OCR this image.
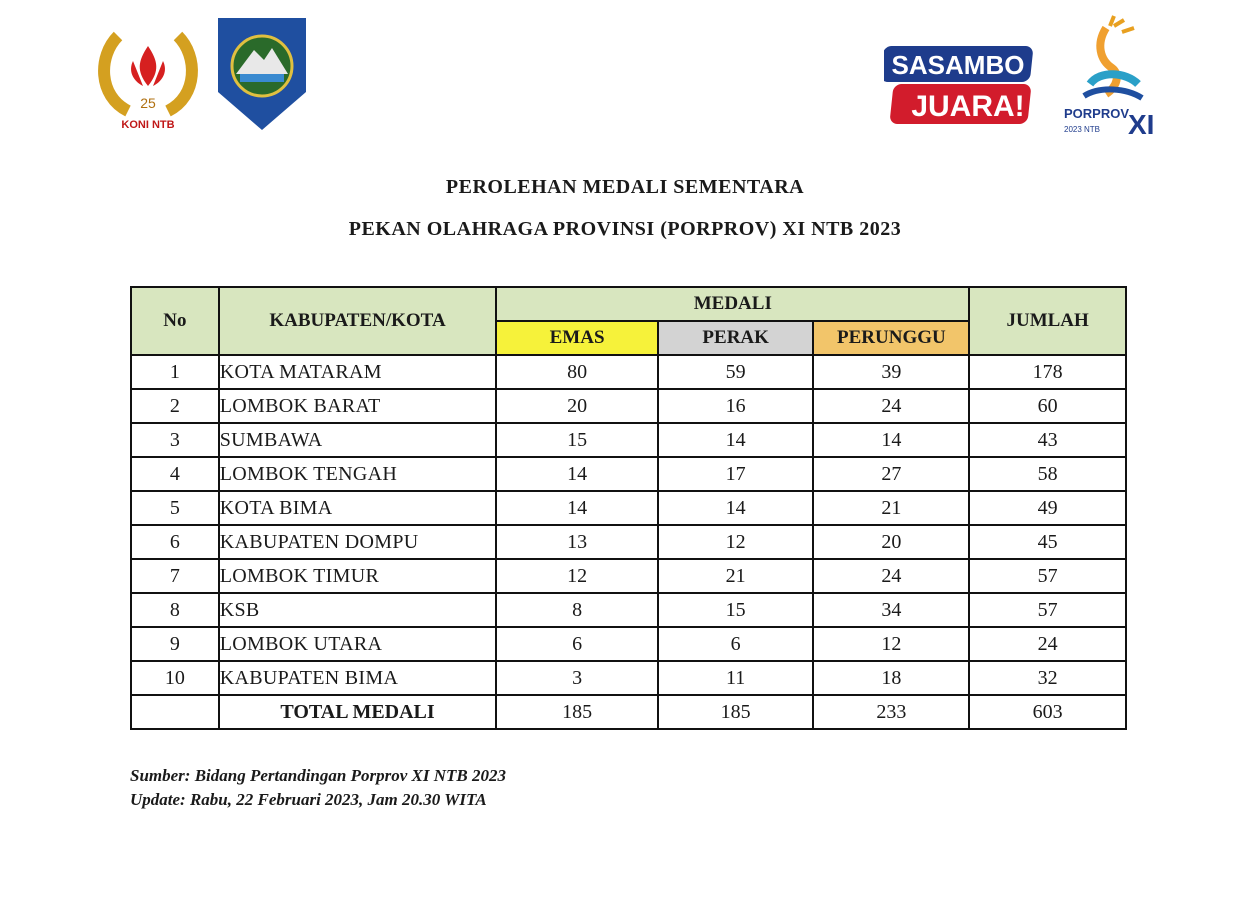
25
KONI NTB
SASAMBO
JUARA!	PORPROV
2023 NTB XI
PEROLEHAN MEDALI SEMENTARA
PEKAN OLAHRAGA PROVINSI (PORPROV) XI NTB 2023
No	KABUPATEN/KOTA	MEDALI			JUMLAH
		EMAS	PERAK	PERUNGGU	
1	KOTA MATARAM	80	59	39	178
2	LOMBOK BARAT	20	16	24	60
3	SUMBAWA	15	14	14	43
4	LOMBOK TENGAH	14	17	27	58
5	KOTA BIMA	14	14	21	49
6	KABUPATEN DOMPU	13	12	20	45
7	LOMBOK TIMUR	12	21	24	57
8	KSB	8	15	34	57
9	LOMBOK UTARA	6	6	12	24
10	KABUPATEN BIMA	3	11	18	32
	TOTAL MEDALI	185	185	233	603
Sumber: Bidang Pertandingan Porprov XI NTB 2023
Update: Rabu, 22 Februari 2023, Jam 20.30 WITA
